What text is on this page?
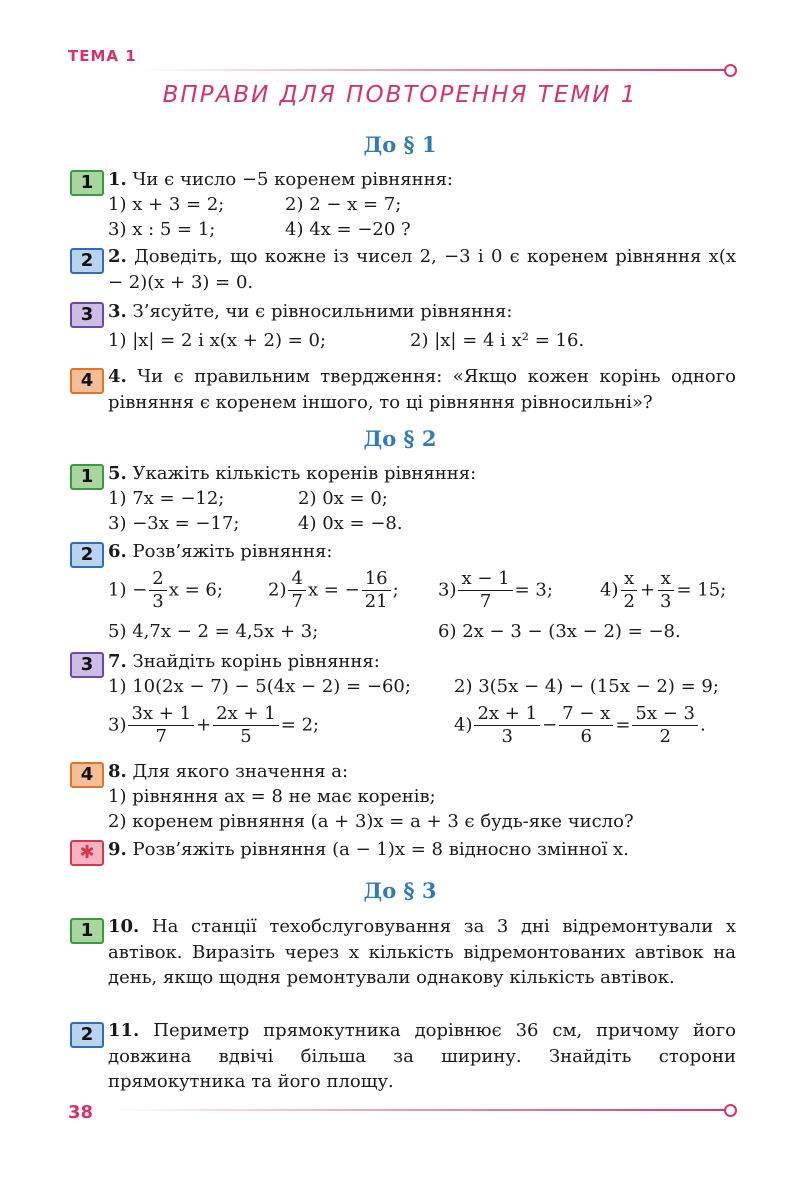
ТЕМА 1
ВПРАВИ ДЛЯ ПОВТОРЕННЯ ТЕМИ 1
До § 1
1 1. Чи є число −5 коренем рівняння:
1) x + 3 = 2;	2) 2 − x = 7;
3) x : 5 = 1;	4) 4x = −20 ?
2 2. Доведіть, що кожне із чисел 2, −3 і 0 є коренем рівняння x(x − 2)(x + 3) = 0.
3 3. З’ясуйте, чи є рівносильними рівняння:
1) |x| = 2 і x(x + 2) = 0;	2) |x| = 4 і x² = 16.
4 4. Чи є правильним твердження: «Якщо кожен корінь одного рівняння є коренем іншого, то ці рівняння рівносильні»?
До § 2
1 5. Укажіть кількість коренів рівняння:
1) 7x = −12;	2) 0x = 0;
3) −3x = −17;	4) 0x = −8.
2 6. Розв’яжіть рівняння:
$1) - \frac{2}{3}$ x = 6;	$2) \frac{4}{7}$ x = − $\frac{16}{21}$ ; $3) \frac{x - 1}{7} = 3$;	$4) \frac{x}{2} + \frac{x}{3} = 15$;
5) 4,7x − 2 = 4,5x + 3;	6) 2x − 3 − (3x − 2) = −8.
3 7. Знайдіть корінь рівняння:
1) 10(2x − 7) − 5(4x − 2) = −60; 2) 3(5x − 4) − (15x − 2) = 9;
$3) \frac{3x + 1}{7} + \frac{2x + 1}{5} = 2$;	$4) \frac{2x + 1}{3} - \frac{7 - x}{6} = \frac{5x - 3}{2}$ .
4 8. Для якого значення a:
1) рівняння ax = 8 не має коренів;
2) коренем рівняння (a + 3)x = a + 3 є будь-яке число?
✱ 9. Розв’яжіть рівняння (a − 1)x = 8 відносно змінної x.
До § 3
1 10. На станції техобслуговування за 3 дні відремонтували x автівок. Виразіть через x кількість відремонтованих автівок на день, якщо щодня ремонтували однакову кількість автівок.
2 11. Периметр прямокутника дорівнює 36 см, причому його довжина вдвічі більша за ширину. Знайдіть сторони прямокутника та його площу.
38
